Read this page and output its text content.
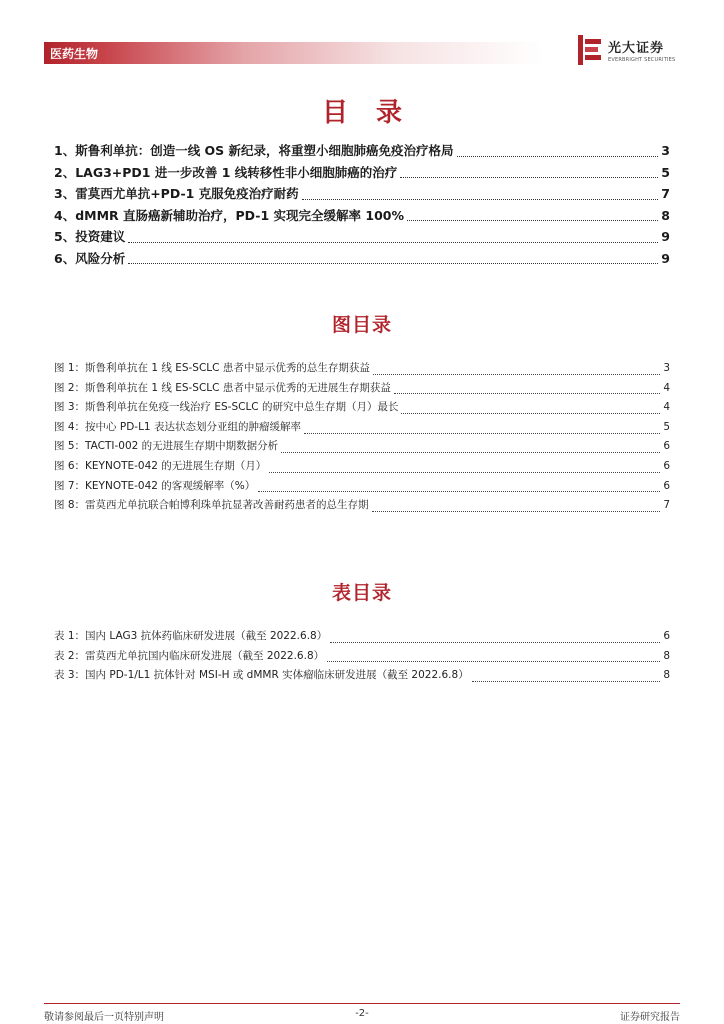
医药生物	光大证券
EVERBRIGHT SECURITIES
目录
1、 斯鲁利单抗：创造一线 OS 新纪录，将重塑小细胞肺癌免疫治疗格局	3
2、 LAG3+PD1 进一步改善 1 线转移性非小细胞肺癌的治疗	5
3、 雷莫西尤单抗+PD-1 克服免疫治疗耐药	7
4、 dMMR 直肠癌新辅助治疗，PD-1 实现完全缓解率 100%	8
5、 投资建议	9
6、 风险分析	9
图目录
图 1： 斯鲁利单抗在 1 线 ES-SCLC 患者中显示优秀的总生存期获益	3
图 2： 斯鲁利单抗在 1 线 ES-SCLC 患者中显示优秀的无进展生存期获益	4
图 3： 斯鲁利单抗在免疫一线治疗 ES-SCLC 的研究中总生存期（月）最长	4
图 4： 按中心 PD-L1 表达状态划分亚组的肿瘤缓解率	5
图 5： TACTI-002 的无进展生存期中期数据分析	6
图 6： KEYNOTE-042 的无进展生存期（月）	6
图 7： KEYNOTE-042 的客观缓解率（%）	6
图 8： 雷莫西尤单抗联合帕博利珠单抗显著改善耐药患者的总生存期	7
表目录
表 1： 国内 LAG3 抗体药临床研发进展（截至 2022.6.8）	6
表 2： 雷莫西尤单抗国内临床研发进展（截至 2022.6.8）	8
表 3： 国内 PD-1/L1 抗体针对 MSI-H 或 dMMR 实体瘤临床研发进展（截至 2022.6.8）	8
敬请参阅最后一页特别声明	-2-	证券研究报告
